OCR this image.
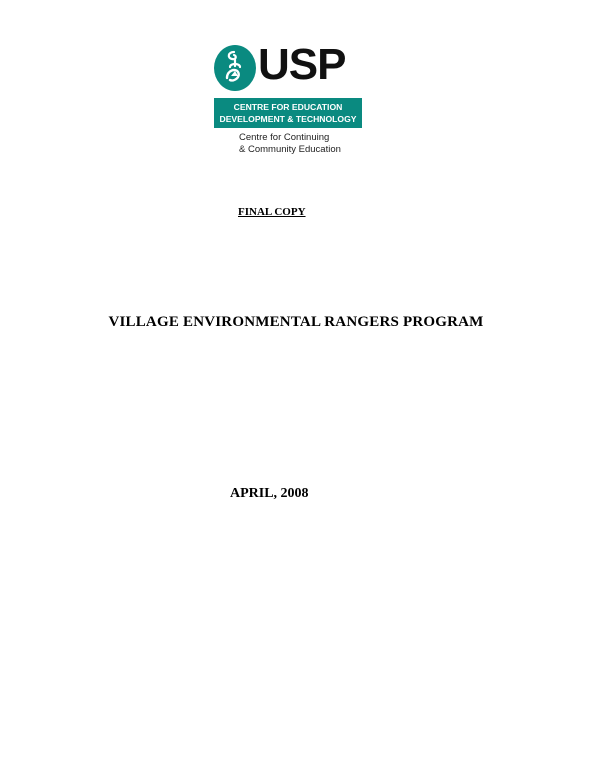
USP
CENTRE FOR EDUCATION
DEVELOPMENT & TECHNOLOGY
Centre for Continuing
& Community Education
FINAL COPY
VILLAGE ENVIRONMENTAL RANGERS PROGRAM
APRIL, 2008
